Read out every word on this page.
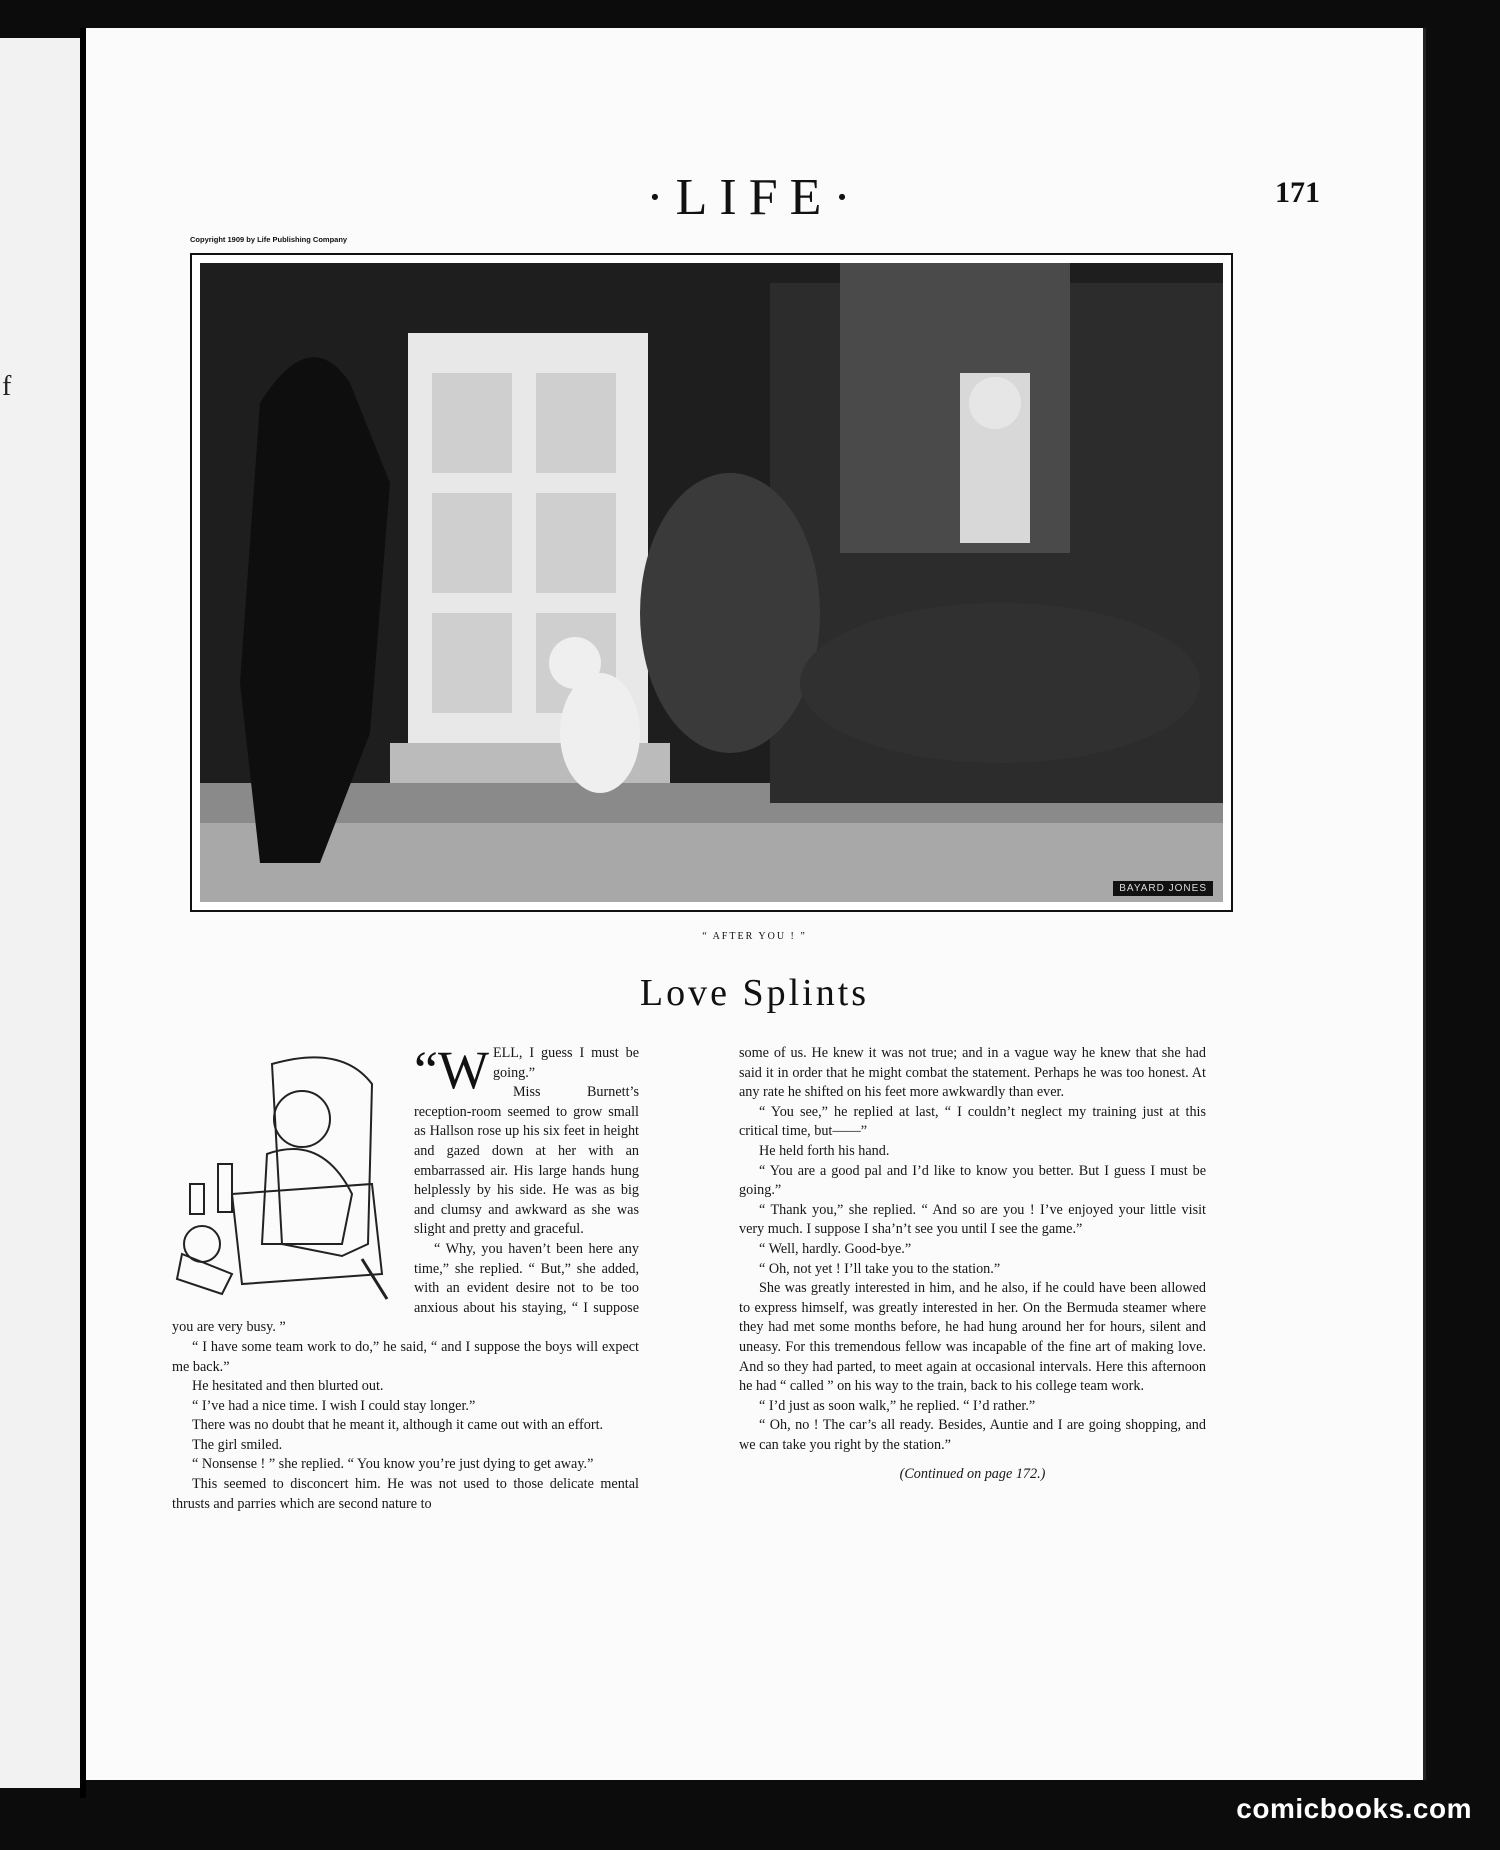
f
·LIFE·	171
Copyright 1909 by Life Publishing Company
BAYARD JONES
“ AFTER YOU ! ”
Love Splints

“WELL, I guess I must be going.”

Miss Burnett’s reception-room seemed to grow small as Hallson rose up his six feet in height and gazed down at her with an embarrassed air. His large hands hung helplessly by his side. He was as big and clumsy and awkward as she was slight and pretty and graceful.

“ Why, you haven’t been here any time,” she replied. “ But,” she added, with an evident desire not to be too anxious about his staying, “ I suppose you are very busy. ”

“ I have some team work to do,” he said, “ and I suppose the boys will expect me back.”

He hesitated and then blurted out.

“ I’ve had a nice time. I wish I could stay longer.”

There was no doubt that he meant it, although it came out with an effort.

The girl smiled.

“ Nonsense ! ” she replied. “ You know you’re just dying to get away.”

This seemed to disconcert him. He was not used to those delicate mental thrusts and parries which are second nature to

some of us. He knew it was not true; and in a vague way he knew that she had said it in order that he might combat the statement. Perhaps he was too honest. At any rate he shifted on his feet more awkwardly than ever.

“ You see,” he replied at last, “ I couldn’t neglect my training just at this critical time, but——”

He held forth his hand.

“ You are a good pal and I’d like to know you better. But I guess I must be going.”

“ Thank you,” she replied. “ And so are you ! I’ve enjoyed your little visit very much. I suppose I sha’n’t see you until I see the game.”

“ Well, hardly. Good-bye.”

“ Oh, not yet ! I’ll take you to the station.”

She was greatly interested in him, and he also, if he could have been allowed to express himself, was greatly interested in her. On the Bermuda steamer where they had met some months before, he had hung around her for hours, silent and uneasy. For this tremendous fellow was incapable of the fine art of making love. And so they had parted, to meet again at occasional intervals. Here this afternoon he had “ called ” on his way to the train, back to his college team work.

“ I’d just as soon walk,” he replied. “ I’d rather.”

“ Oh, no ! The car’s all ready. Besides, Auntie and I are going shopping, and we can take you right by the station.”

(Continued on page 172.)

comicbooks.com
